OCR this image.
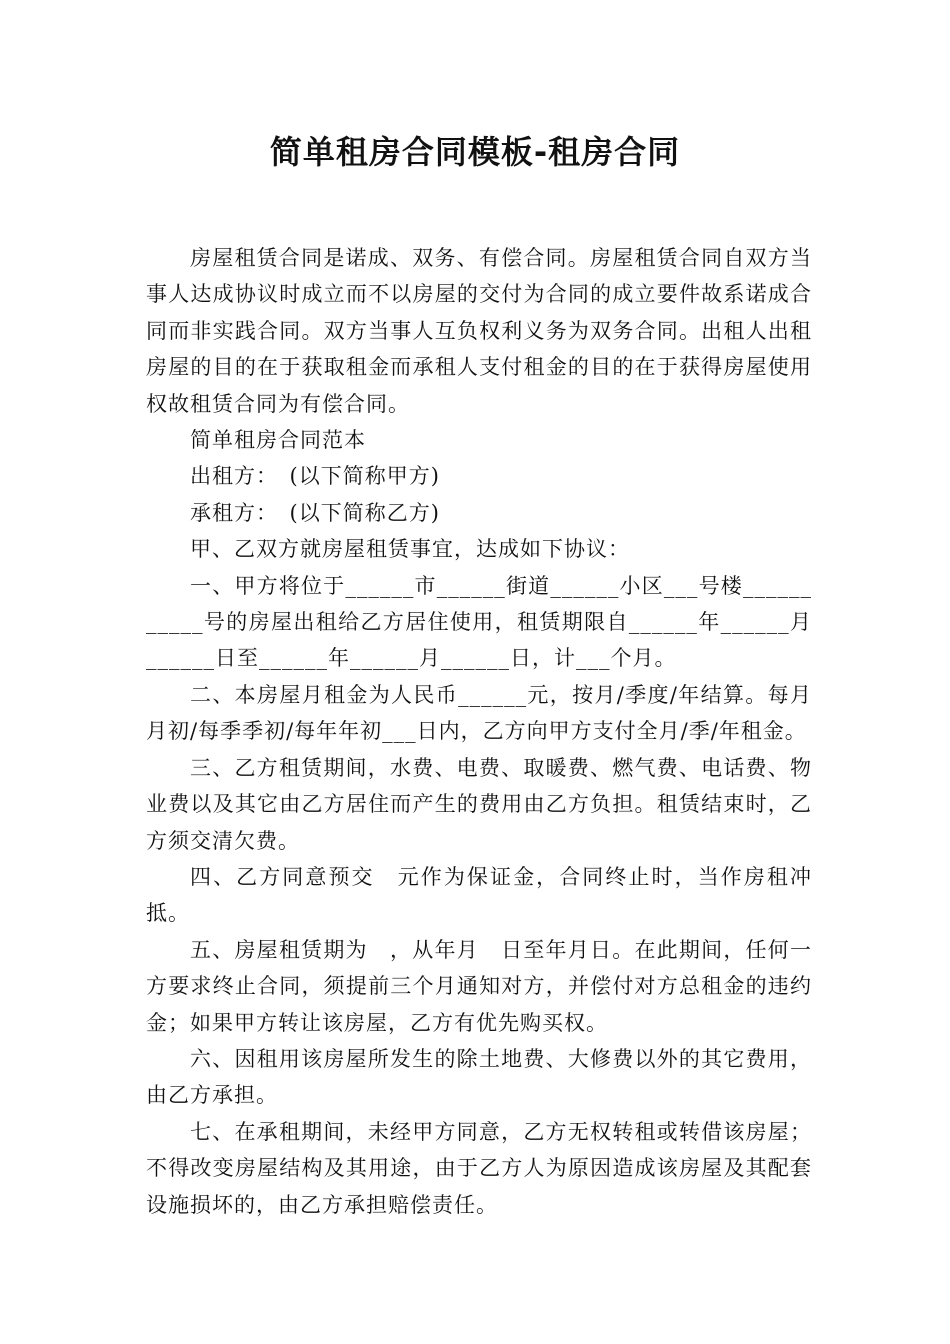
简单租房合同模板-租房合同

房屋租赁合同是诺成、双务、有偿合同。房屋租赁合同自双方当事人达成协议时成立而不以房屋的交付为合同的成立要件故系诺成合同而非实践合同。双方当事人互负权利义务为双务合同。出租人出租房屋的目的在于获取租金而承租人支付租金的目的在于获得房屋使用权故租赁合同为有偿合同。

简单租房合同范本

出租方：　(以下简称甲方)

承租方：　(以下简称乙方)

甲、乙双方就房屋租赁事宜，达成如下协议：

一、甲方将位于______市______街道______小区___号楼___________号的房屋出租给乙方居住使用，租赁期限自______年______月______日至______年______月______日，计___个月。

二、本房屋月租金为人民币______元，按月/季度/年结算。每月月初/每季季初/每年年初___日内，乙方向甲方支付全月/季/年租金。

三、乙方租赁期间，水费、电费、取暖费、燃气费、电话费、物业费以及其它由乙方居住而产生的费用由乙方负担。租赁结束时，乙方须交清欠费。

四、乙方同意预交　元作为保证金，合同终止时，当作房租冲抵。

五、房屋租赁期为　，从年月　日至年月日。在此期间，任何一方要求终止合同，须提前三个月通知对方，并偿付对方总租金的违约金；如果甲方转让该房屋，乙方有优先购买权。

六、因租用该房屋所发生的除土地费、大修费以外的其它费用，由乙方承担。

七、在承租期间，未经甲方同意，乙方无权转租或转借该房屋；不得改变房屋结构及其用途，由于乙方人为原因造成该房屋及其配套设施损坏的，由乙方承担赔偿责任。
